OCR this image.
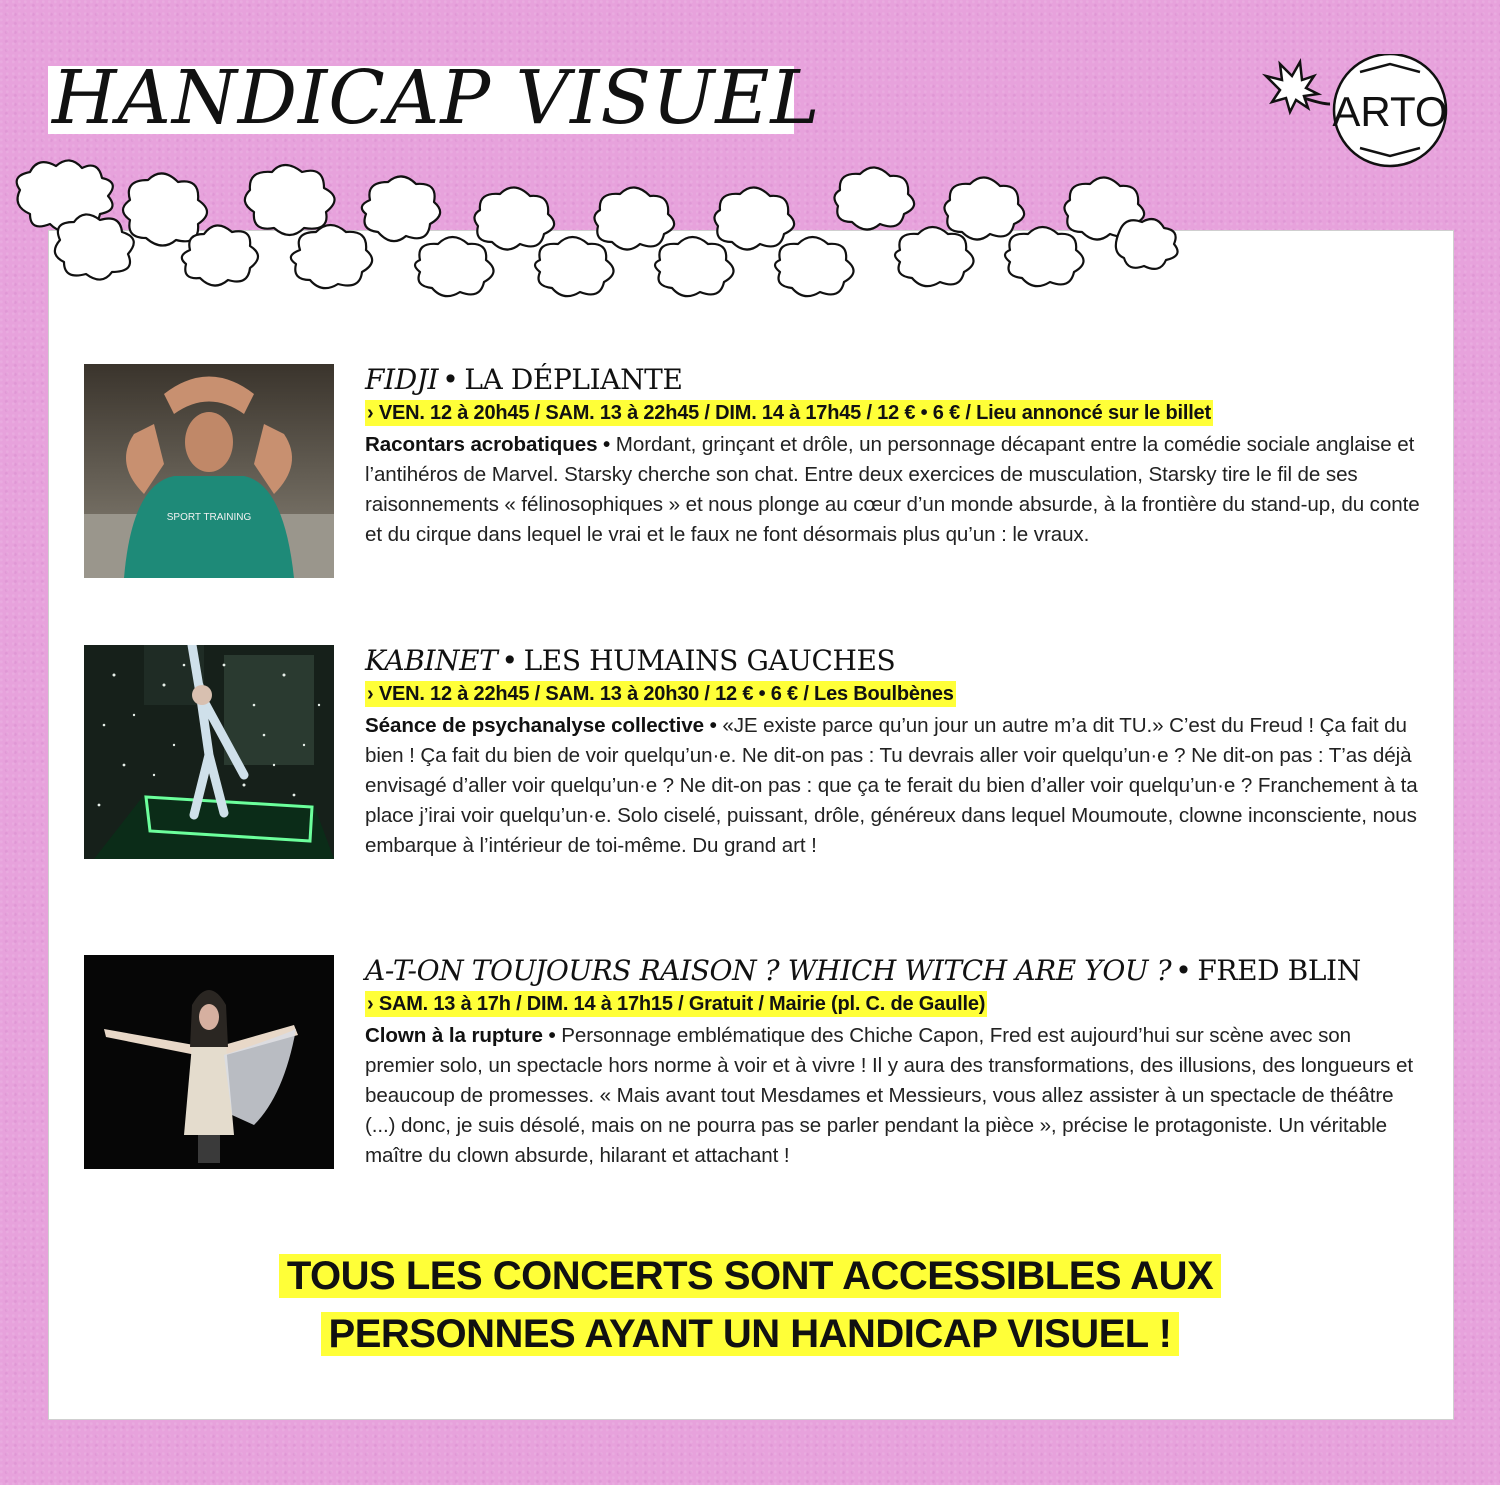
HANDICAP VISUEL	ARTO
SPORT TRAINING
FIDJI • LA DÉPLIANTE
› VEN. 12 à 20h45 / SAM. 13 à 22h45 / DIM. 14 à 17h45 / 12 € • 6 € / Lieu annoncé sur le billet
Racontars acrobatiques • Mordant, grinçant et drôle, un personnage décapant entre la comédie sociale anglaise et l’antihéros de Marvel. Starsky cherche son chat. Entre deux exercices de musculation, Starsky tire le fil de ses raisonnements « félinosophiques » et nous plonge au cœur d’un monde absurde, à la frontière du stand-up, du conte et du cirque dans lequel le vrai et le faux ne font désormais plus qu’un : le vraux.
KABINET • LES HUMAINS GAUCHES
› VEN. 12 à 22h45 / SAM. 13 à 20h30 / 12 € • 6 € / Les Boulbènes
Séance de psychanalyse collective • «JE existe parce qu’un jour un autre m’a dit TU.» C’est du Freud ! Ça fait du bien ! Ça fait du bien de voir quelqu’un·e. Ne dit-on pas : Tu devrais aller voir quelqu’un·e ? Ne dit-on pas : T’as déjà envisagé d’aller voir quelqu’un·e ? Ne dit-on pas : que ça te ferait du bien d’aller voir quelqu’un·e ? Franchement à ta place j’irai voir quelqu’un·e. Solo ciselé, puissant, drôle, généreux dans lequel Moumoute, clowne inconsciente, nous embarque à l’intérieur de toi-même. Du grand art !
A-T-ON TOUJOURS RAISON ? WHICH WITCH ARE YOU ? • FRED BLIN
› SAM. 13 à 17h / DIM. 14 à 17h15 / Gratuit / Mairie (pl. C. de Gaulle)
Clown à la rupture • Personnage emblématique des Chiche Capon, Fred est aujourd’hui sur scène avec son premier solo, un spectacle hors norme à voir et à vivre ! Il y aura des transformations, des illusions, des longueurs et beaucoup de promesses. « Mais avant tout Mesdames et Messieurs, vous allez assister à un spectacle de théâtre (...) donc, je suis désolé, mais on ne pourra pas se parler pendant la pièce », précise le protagoniste. Un véritable maître du clown absurde, hilarant et attachant !
TOUS LES CONCERTS SONT ACCESSIBLES AUX
PERSONNES AYANT UN HANDICAP VISUEL !
